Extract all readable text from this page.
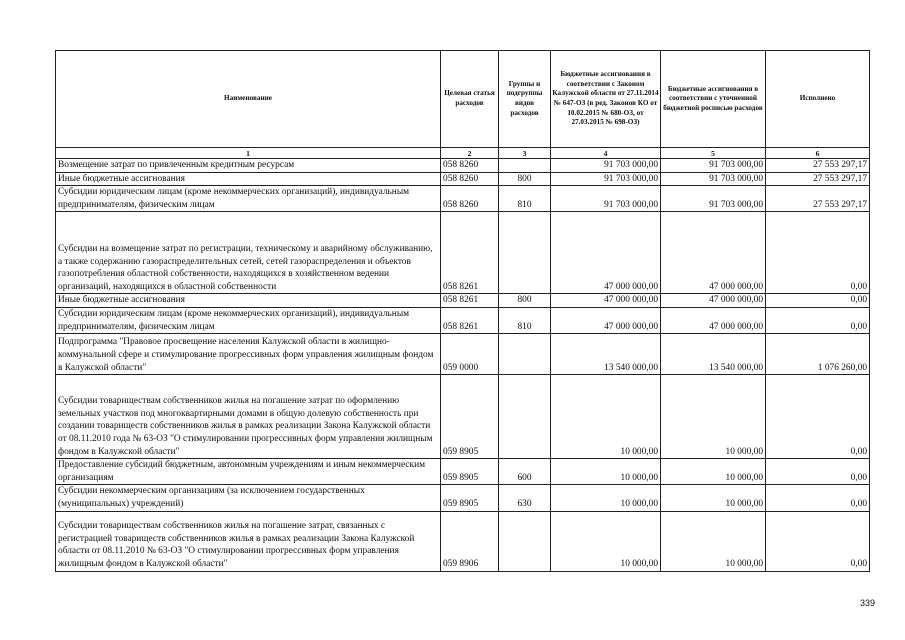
Наименование	Целевая статья расходов	Группы и подгруппы видов расходов	Бюджетные ассигнования в соответствии с Законом Калужской области от 27.11.2014 № 647-ОЗ (в ред. Законов КО от 10.02.2015 № 680-ОЗ, от 27.03.2015 № 698-ОЗ)	Бюджетные ассигнования в соответствии с уточненной бюджетной росписью расходов	Исполнено
1	2	3	4	5	6
Возмещение затрат по привлеченным кредитным ресурсам	058 8260		91 703 000,00	91 703 000,00	27 553 297,17
Иные бюджетные ассигнования	058 8260	800	91 703 000,00	91 703 000,00	27 553 297,17
Субсидии юридическим лицам (кроме некоммерческих организаций), индивидуальным предпринимателям, физическим лицам	058 8260	810	91 703 000,00	91 703 000,00	27 553 297,17
Субсидии на возмещение затрат по регистрации, техническому и аварийному обслуживанию, а также содержанию газораспределительных сетей, сетей газораспределения и объектов газопотребления областной собственности, находящихся в хозяйственном ведении организаций, находящихся в областной собственности	058 8261		47 000 000,00	47 000 000,00	0,00
Иные бюджетные ассигнования	058 8261	800	47 000 000,00	47 000 000,00	0,00
Субсидии юридическим лицам (кроме некоммерческих организаций), индивидуальным предпринимателям, физическим лицам	058 8261	810	47 000 000,00	47 000 000,00	0,00
Подпрограмма "Правовое просвещение населения Калужской области в жилищно-коммунальной сфере и стимулирование прогрессивных форм управления жилищным фондом в Калужской области"	059 0000		13 540 000,00	13 540 000,00	1 076 260,00
Субсидии товариществам собственников жилья на погашение затрат по оформлению земельных участков под многоквартирными домами в общую долевую собственность при создании товариществ собственников жилья в рамках реализации Закона Калужской области от 08.11.2010 года № 63-ОЗ "О стимулировании прогрессивных форм управления жилищным фондом в Калужской области"	059 8905		10 000,00	10 000,00	0,00
Предоставление субсидий бюджетным, автономным учреждениям и иным некоммерческим организациям	059 8905	600	10 000,00	10 000,00	0,00
Субсидии некоммерческим организациям (за исключением государственных (муниципальных) учреждений)	059 8905	630	10 000,00	10 000,00	0,00
Субсидии товариществам собственников жилья на погашение затрат, связанных с регистрацией товариществ собственников жилья в рамках реализации Закона Калужской области от 08.11.2010 № 63-ОЗ "О стимулировании прогрессивных форм управления жилищным фондом в Калужской области"	059 8906		10 000,00	10 000,00	0,00
339
